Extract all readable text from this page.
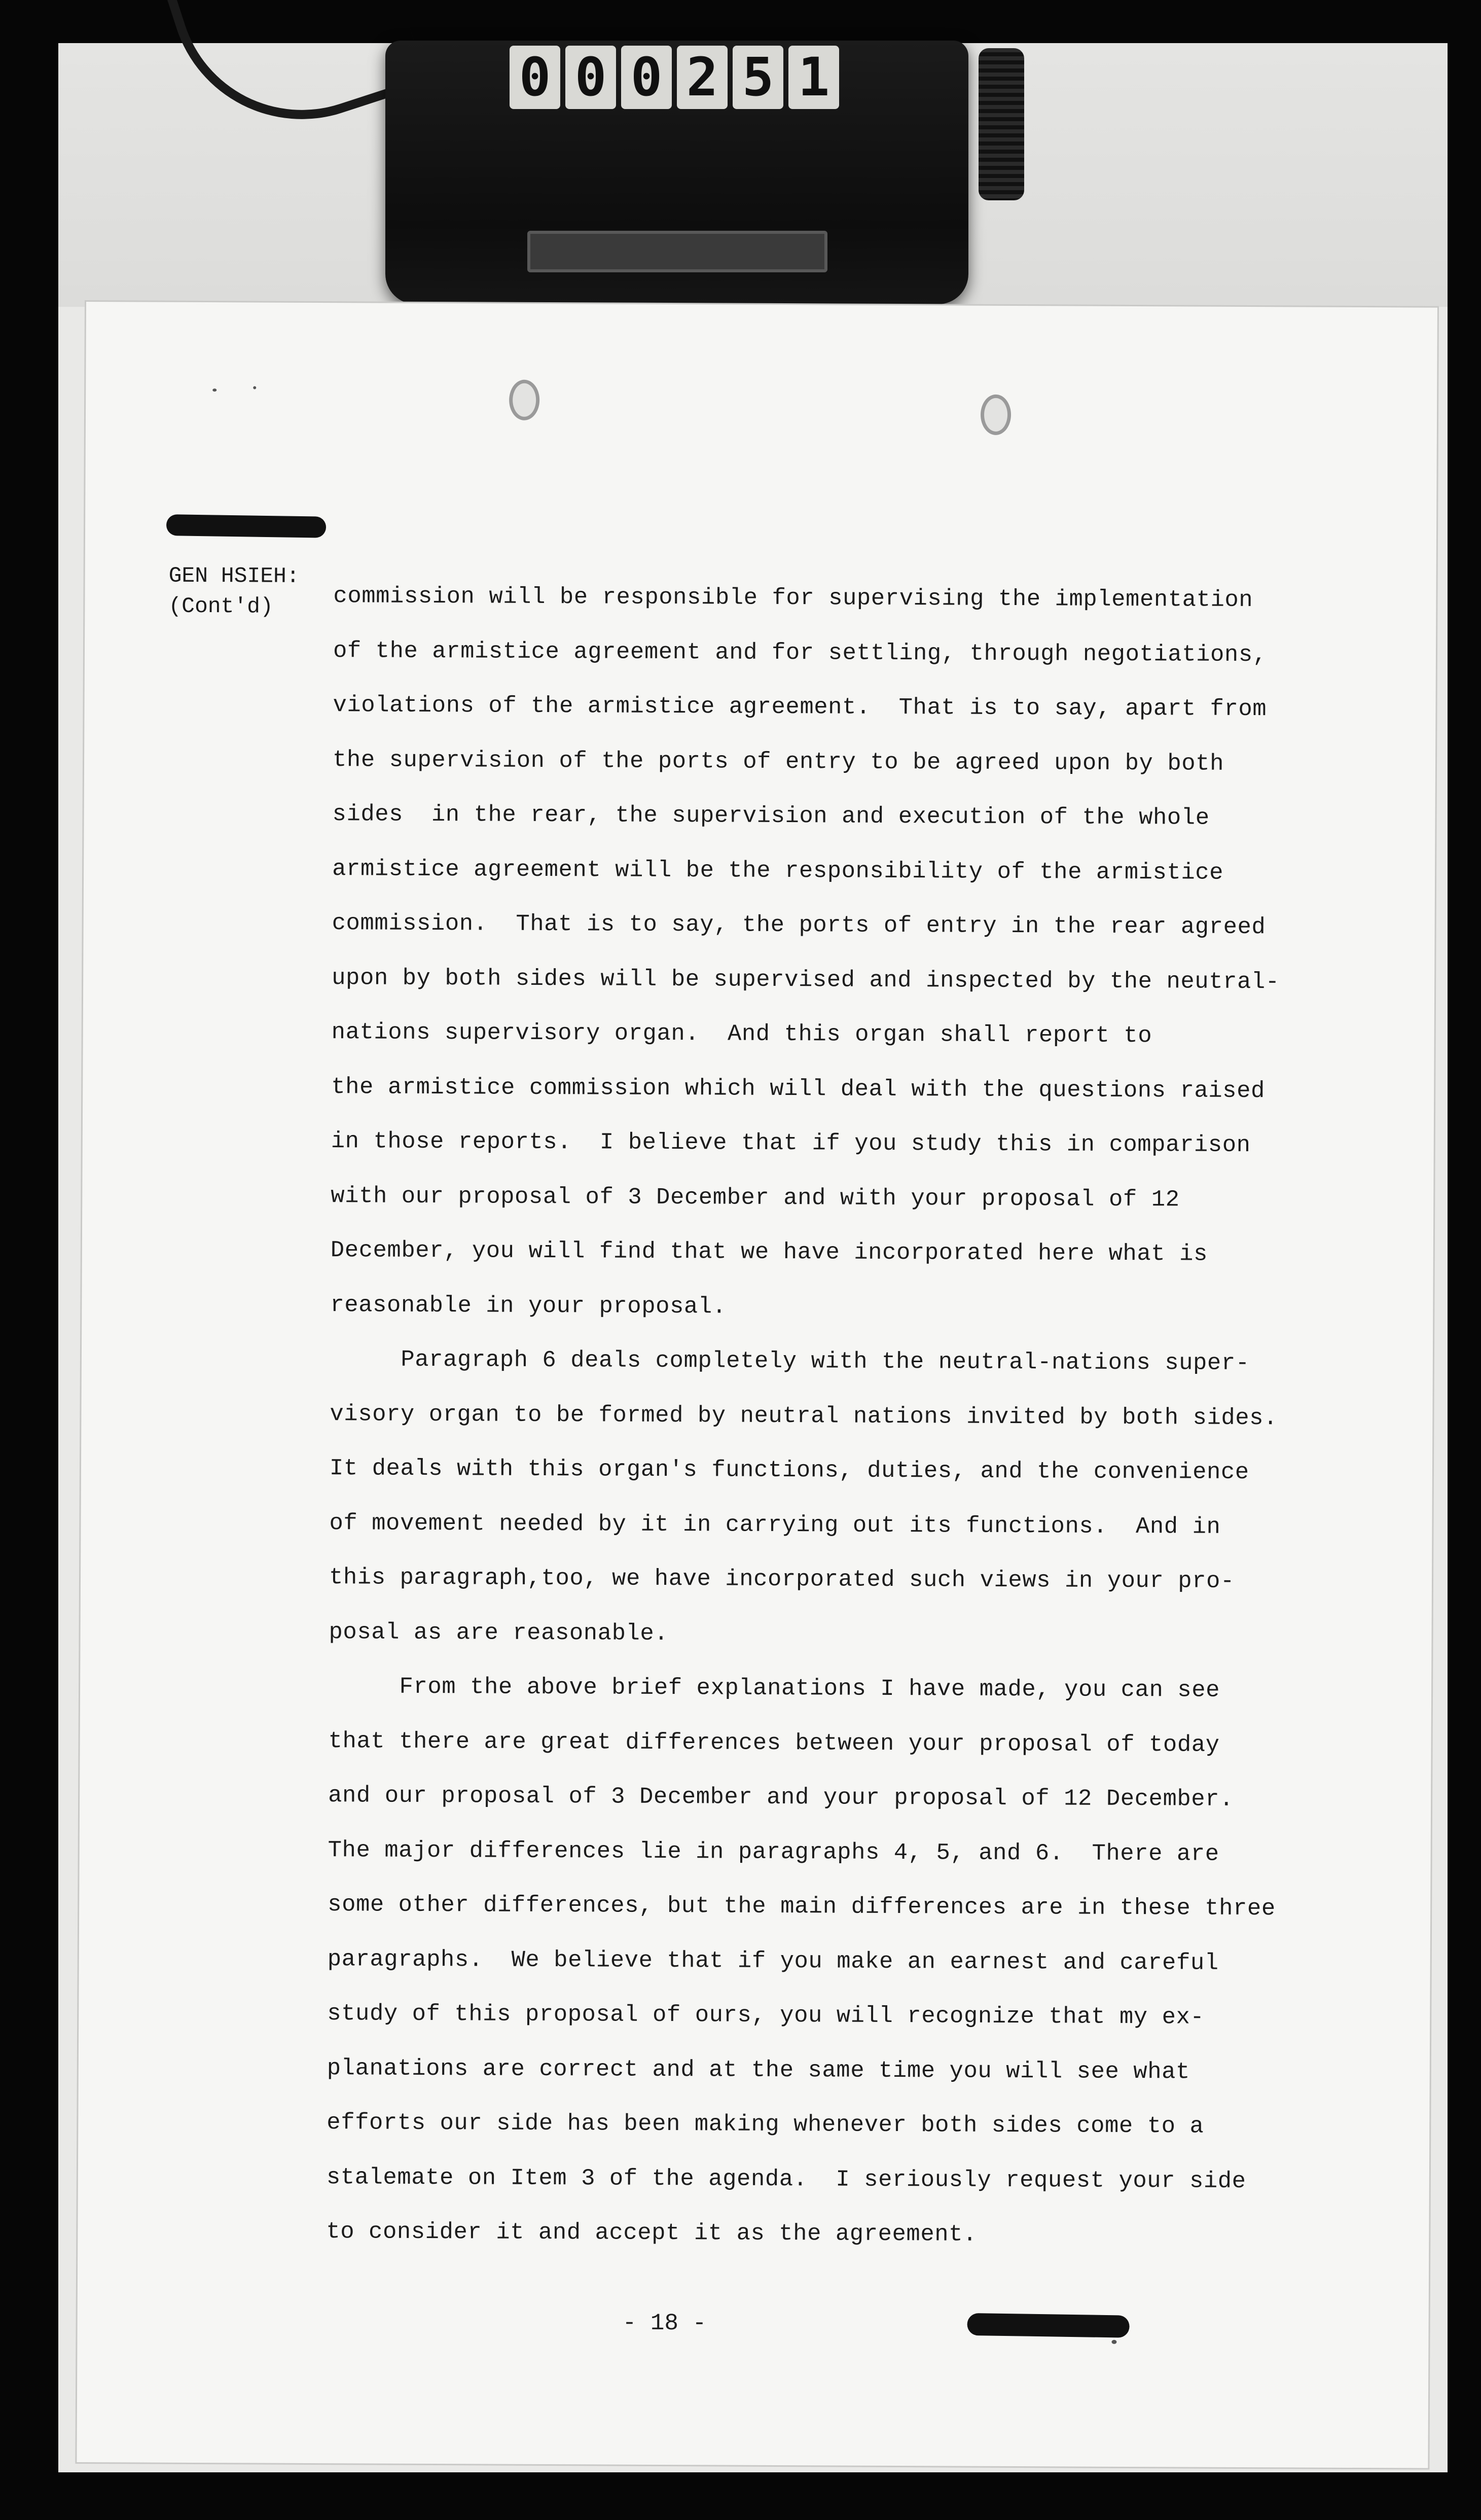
0 0 0 2 5 1
GEN HSIEH:
(Cont'd)	commission will be responsible for supervising the implementation
of the armistice agreement and for settling, through negotiations,
violations of the armistice agreement.  That is to say, apart from
the supervision of the ports of entry to be agreed upon by both
sides  in the rear, the supervision and execution of the whole
armistice agreement will be the responsibility of the armistice
commission.  That is to say, the ports of entry in the rear agreed
upon by both sides will be supervised and inspected by the neutral-
nations supervisory organ.  And this organ shall report to
the armistice commission which will deal with the questions raised
in those reports.  I believe that if you study this in comparison
with our proposal of 3 December and with your proposal of 12
December, you will find that we have incorporated here what is
reasonable in your proposal.
Paragraph 6 deals completely with the neutral-nations super-
visory organ to be formed by neutral nations invited by both sides.
It deals with this organ's functions, duties, and the convenience
of movement needed by it in carrying out its functions.  And in
this paragraph,too, we have incorporated such views in your pro-
posal as are reasonable.
From the above brief explanations I have made, you can see
that there are great differences between your proposal of today
and our proposal of 3 December and your proposal of 12 December.
The major differences lie in paragraphs 4, 5, and 6.  There are
some other differences, but the main differences are in these three
paragraphs.  We believe that if you make an earnest and careful
study of this proposal of ours, you will recognize that my ex-
planations are correct and at the same time you will see what
efforts our side has been making whenever both sides come to a
stalemate on Item 3 of the agenda.  I seriously request your side
to consider it and accept it as the agreement.
- 18 -
